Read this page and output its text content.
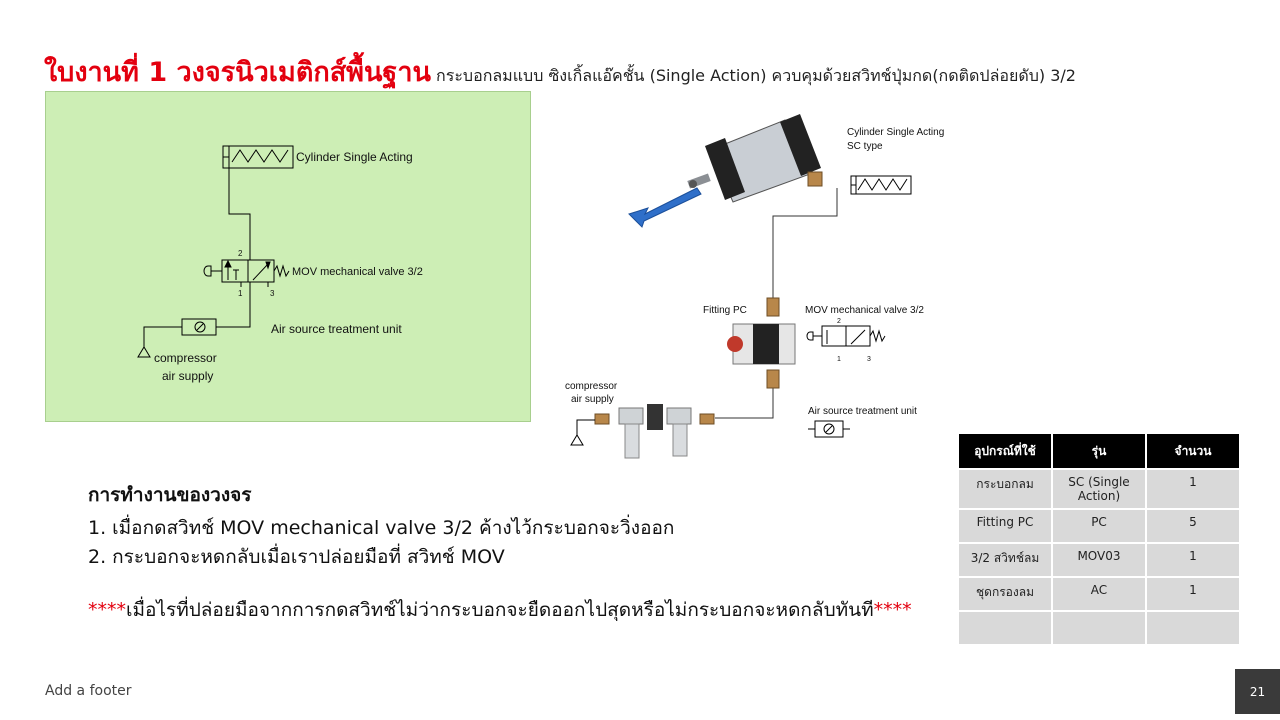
ใบงานที่ 1 วงจรนิวเมติกส์พื้นฐาน กระบอกลมแบบ ซิงเกิ้ลแอ๊คชั้น (Single Action) ควบคุมด้วยสวิทช์ปุ่มกด(กดติดปล่อยดับ) 3/2
Cylinder Single Acting
MOV mechanical valve 3/2
Air source treatment unit
compressor
air supply
2
1	3
Cylinder Single Acting
SC type
Fitting PC	MOV mechanical valve 3/2
compressor
air supply
Air source treatment unit
2
1	3
การทำงานของวงจร
1. เมื่อกดสวิทช์ MOV mechanical valve 3/2 ค้างไว้กระบอกจะวิ่งออก
2. กระบอกจะหดกลับเมื่อเราปล่อยมือที่ สวิทช์ MOV
****เมื่อไรที่ปล่อยมือจากการกดสวิทช์ไม่ว่ากระบอกจะยืดออกไปสุดหรือไม่กระบอกจะหดกลับทันที****
อุปกรณ์ที่ใช้	รุ่น	จำนวน
กระบอกลม	SC (Single Action)	1
Fitting PC	PC	5
3/2 สวิทช์ลม	MOV03	1
ชุดกรองลม	AC	1

Add a footer	21
